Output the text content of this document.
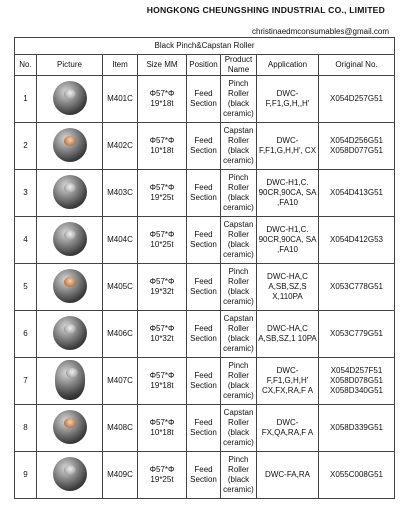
HONGKONG CHEUNGSHING INDUSTRIAL CO., LIMITED
christinaedmconsumables@gmail.com
Black Pinch&Capstan Roller							
No.	Picture	Item	Size MM	Position	Product Name	Application	Original No.
1		M401C	Φ57*Φ 19*18t	Feed Section	Pinch Roller (black ceramic)	DWC-F,F1,G,H,,H'	X054D257G51
2		M402C	Φ57*Φ 10*18t	Feed Section	Capstan Roller (black ceramic)	DWC-F,F1,G,H,H', CX	X054D256G51 X058D077G51
3		M403C	Φ57*Φ 19*25t	Feed Section	Pinch Roller (black ceramic)	DWC-H1,C. 90CR,90CA, SA ,FA10	X054D413G51
4		M404C	Φ57*Φ 10*25t	Feed Section	Capstan Roller (black ceramic)	DWC-H1,C. 90CR,90CA, SA ,FA10	X054D412G53
5		M405C	Φ57*Φ 19*32t	Feed Section	Pinch Roller (black ceramic)	DWC-HA,C A,SB,SZ,S X,110PA	X053C778G51
6		M406C	Φ57*Φ 10*32t	Feed Section	Capstan Roller (black ceramic)	DWC-HA,C A,SB,SZ,1 10PA	X053C779G51
7		M407C	Φ57*Φ 19*18t	Feed Section	Pinch Roller (black ceramic)	DWC-F,F1,G,H,H' CX,FX,RA,F A	X054D257F51 X058D078G51 X058D340G51
8		M408C	Φ57*Φ 10*18t	Feed Section	Capstan Roller (black ceramic)	DWC-FX,QA,RA,F A	X058D339G51
9		M409C	Φ57*Φ 19*25t	Feed Section	Pinch Roller (black ceramic)	DWC-FA,RA	X055C008G51
